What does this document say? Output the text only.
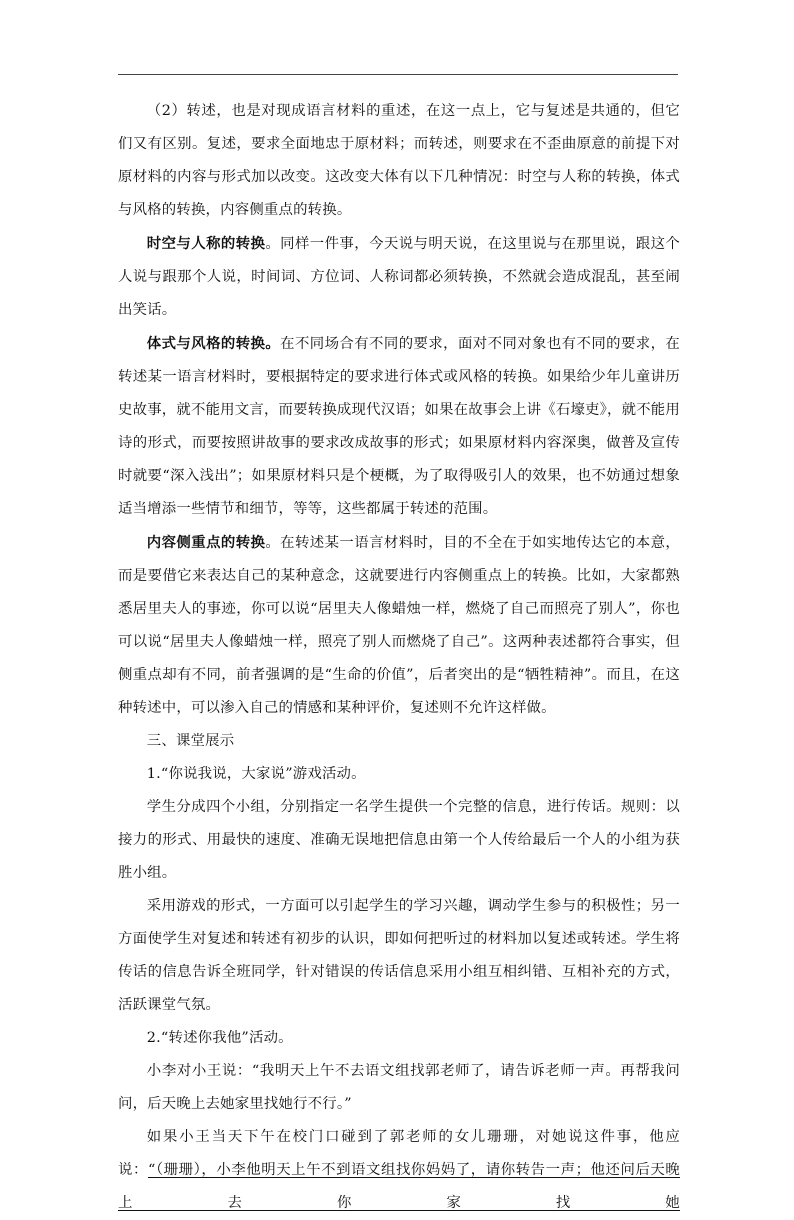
（2）转述，也是对现成语言材料的重述，在这一点上，它与复述是共通的，但它们又有区别。复述，要求全面地忠于原材料；而转述，则要求在不歪曲原意的前提下对原材料的内容与形式加以改变。这改变大体有以下几种情况：时空与人称的转换，体式与风格的转换，内容侧重点的转换。

时空与人称的转换。同样一件事，今天说与明天说，在这里说与在那里说，跟这个人说与跟那个人说，时间词、方位词、人称词都必须转换，不然就会造成混乱，甚至闹出笑话。

体式与风格的转换。在不同场合有不同的要求，面对不同对象也有不同的要求，在转述某一语言材料时，要根据特定的要求进行体式或风格的转换。如果给少年儿童讲历史故事，就不能用文言，而要转换成现代汉语；如果在故事会上讲《石壕吏》，就不能用诗的形式，而要按照讲故事的要求改成故事的形式；如果原材料内容深奥，做普及宣传时就要“深入浅出”；如果原材料只是个梗概，为了取得吸引人的效果，也不妨通过想象适当增添一些情节和细节，等等，这些都属于转述的范围。

内容侧重点的转换。在转述某一语言材料时，目的不全在于如实地传达它的本意，而是要借它来表达自己的某种意念，这就要进行内容侧重点上的转换。比如，大家都熟悉居里夫人的事迹，你可以说“居里夫人像蜡烛一样，燃烧了自己而照亮了别人”，你也可以说“居里夫人像蜡烛一样，照亮了别人而燃烧了自己”。这两种表述都符合事实，但侧重点却有不同，前者强调的是“生命的价值”，后者突出的是“牺牲精神”。而且，在这种转述中，可以渗入自己的情感和某种评价，复述则不允许这样做。

三、课堂展示

1.“你说我说，大家说”游戏活动。

学生分成四个小组，分别指定一名学生提供一个完整的信息，进行传话。规则：以接力的形式、用最快的速度、准确无误地把信息由第一个人传给最后一个人的小组为获胜小组。

采用游戏的形式，一方面可以引起学生的学习兴趣，调动学生参与的积极性；另一方面使学生对复述和转述有初步的认识，即如何把听过的材料加以复述或转述。学生将传话的信息告诉全班同学，针对错误的传话信息采用小组互相纠错、互相补充的方式，活跃课堂气氛。

2.“转述你我他”活动。

小李对小王说：“我明天上午不去语文组找郭老师了，请告诉老师一声。再帮我问问，后天晚上去她家里找她行不行。”

如果小王当天下午在校门口碰到了郭老师的女儿珊珊，对她说这件事，他应说：“（珊珊），小李他明天上午不到语文组找你妈妈了，请你转告一声；他还问后天晚上去你家找她
